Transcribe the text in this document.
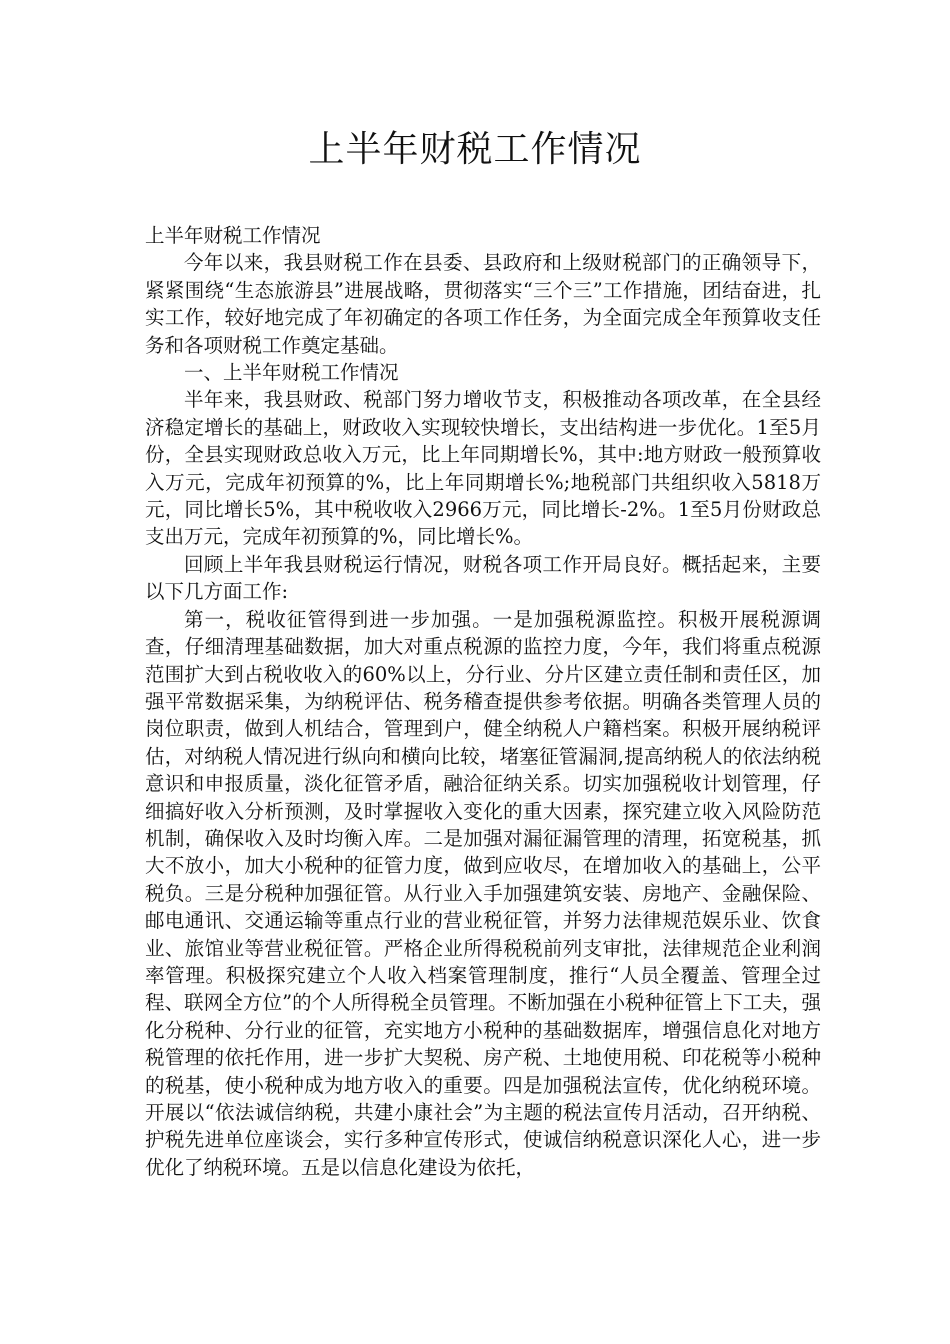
上半年财税工作情况

上半年财税工作情况

今年以来，我县财税工作在县委、县政府和上级财税部门的正确领导下，紧紧围绕“生态旅游县”进展战略，贯彻落实“三个三”工作措施，团结奋进，扎实工作，较好地完成了年初确定的各项工作任务，为全面完成全年预算收支任务和各项财税工作奠定基础。

一、上半年财税工作情况

半年来，我县财政、税部门努力增收节支，积极推动各项改革，在全县经济稳定增长的基础上，财政收入实现较快增长，支出结构进一步优化。1至5月份，全县实现财政总收入万元，比上年同期增长%，其中:地方财政一般预算收入万元，完成年初预算的%，比上年同期增长%;地税部门共组织收入5818万元，同比增长5%，其中税收收入2966万元，同比增长-2%。1至5月份财政总支出万元，完成年初预算的%，同比增长%。

回顾上半年我县财税运行情况，财税各项工作开局良好。概括起来，主要以下几方面工作:

第一，税收征管得到进一步加强。一是加强税源监控。积极开展税源调查，仔细清理基础数据，加大对重点税源的监控力度，今年，我们将重点税源范围扩大到占税收收入的60%以上，分行业、分片区建立责任制和责任区，加强平常数据采集，为纳税评估、税务稽查提供参考依据。明确各类管理人员的岗位职责，做到人机结合，管理到户，健全纳税人户籍档案。积极开展纳税评估，对纳税人情况进行纵向和横向比较，堵塞征管漏洞,提高纳税人的依法纳税意识和申报质量，淡化征管矛盾，融洽征纳关系。切实加强税收计划管理，仔细搞好收入分析预测，及时掌握收入变化的重大因素，探究建立收入风险防范机制，确保收入及时均衡入库。二是加强对漏征漏管理的清理，拓宽税基，抓大不放小，加大小税种的征管力度，做到应收尽，在增加收入的基础上，公平税负。三是分税种加强征管。从行业入手加强建筑安装、房地产、金融保险、邮电通讯、交通运输等重点行业的营业税征管，并努力法律规范娱乐业、饮食业、旅馆业等营业税征管。严格企业所得税税前列支审批，法律规范企业利润率管理。积极探究建立个人收入档案管理制度，推行“人员全覆盖、管理全过程、联网全方位”的个人所得税全员管理。不断加强在小税种征管上下工夫，强化分税种、分行业的征管，充实地方小税种的基础数据库，增强信息化对地方税管理的依托作用，进一步扩大契税、房产税、土地使用税、印花税等小税种的税基，使小税种成为地方收入的重要。四是加强税法宣传，优化纳税环境。开展以“依法诚信纳税，共建小康社会”为主题的税法宣传月活动，召开纳税、护税先进单位座谈会，实行多种宣传形式，使诚信纳税意识深化人心，进一步优化了纳税环境。五是以信息化建设为依托，
